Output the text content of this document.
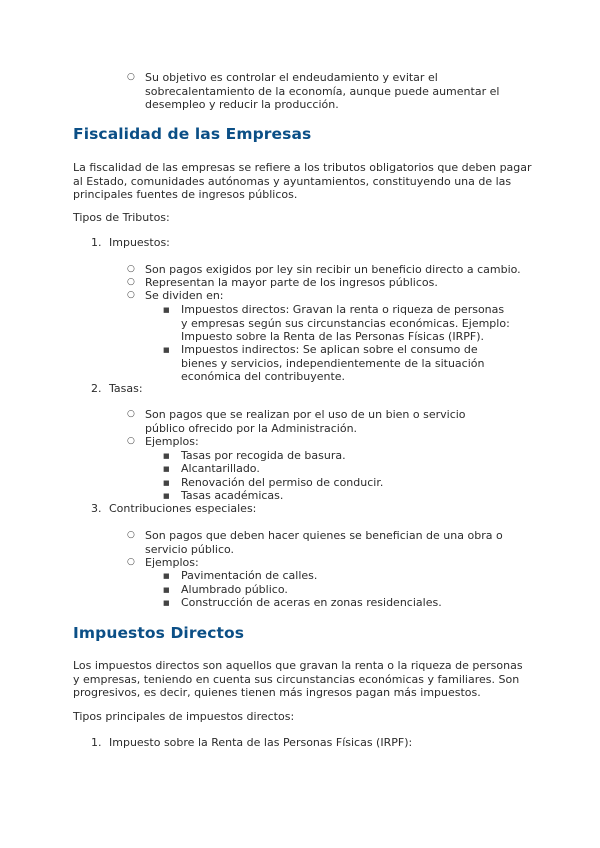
○ Su objetivo es controlar el endeudamiento y evitar el sobrecalentamiento de la economía, aunque puede aumentar el desempleo y reducir la producción.
Fiscalidad de las Empresas

La fiscalidad de las empresas se refiere a los tributos obligatorios que deben pagar al Estado, comunidades autónomas y ayuntamientos, constituyendo una de las principales fuentes de ingresos públicos.

Tipos de Tributos:

1. Impuestos:
○ Son pagos exigidos por ley sin recibir un beneficio directo a cambio.
○ Representan la mayor parte de los ingresos públicos.
○ Se dividen en:
■ Impuestos directos: Gravan la renta o riqueza de personas y empresas según sus circunstancias económicas. Ejemplo: Impuesto sobre la Renta de las Personas Físicas (IRPF).
■ Impuestos indirectos: Se aplican sobre el consumo de bienes y servicios, independientemente de la situación económica del contribuyente.
2. Tasas:
○ Son pagos que se realizan por el uso de un bien o servicio público ofrecido por la Administración.
○ Ejemplos:
■ Tasas por recogida de basura.
■ Alcantarillado.
■ Renovación del permiso de conducir.
■ Tasas académicas.
3. Contribuciones especiales:
○ Son pagos que deben hacer quienes se benefician de una obra o servicio público.
○ Ejemplos:
■ Pavimentación de calles.
■ Alumbrado público.
■ Construcción de aceras en zonas residenciales.
Impuestos Directos

Los impuestos directos son aquellos que gravan la renta o la riqueza de personas y empresas, teniendo en cuenta sus circunstancias económicas y familiares. Son progresivos, es decir, quienes tienen más ingresos pagan más impuestos.

Tipos principales de impuestos directos:

1. Impuesto sobre la Renta de las Personas Físicas (IRPF):
